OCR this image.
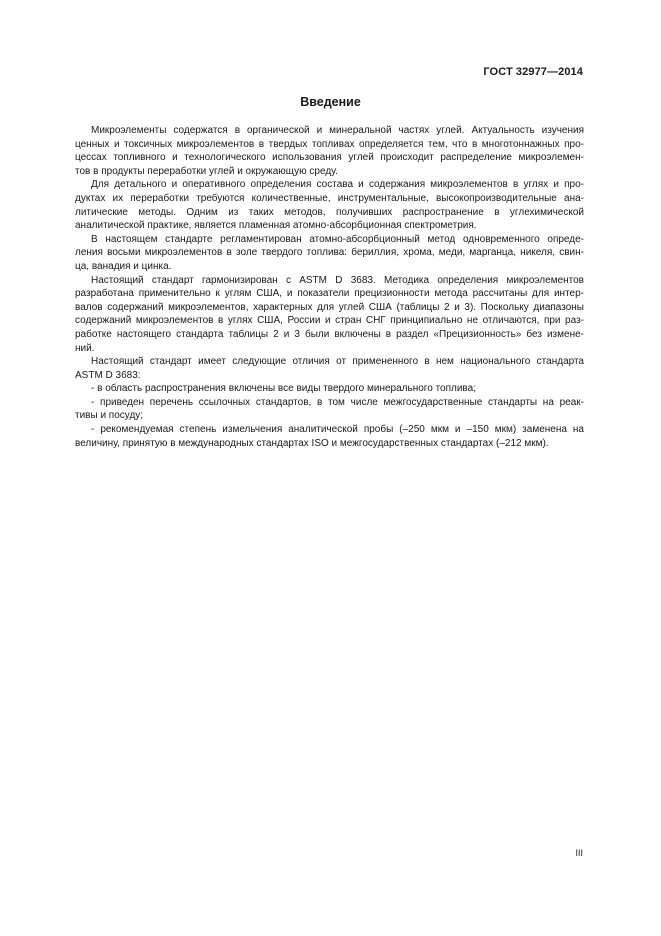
ГОСТ 32977—2014
Введение
Микроэлементы содержатся в органической и минеральной частях углей. Актуальность изучения
ценных и токсичных микроэлементов в твердых топливах определяется тем, что в многотоннажных про-
цессах топливного и технологического использования углей происходит распределение микроэлемен-
тов в продукты переработки углей и окружающую среду.
Для детального и оперативного определения состава и содержания микроэлементов в углях и про-
дуктах их переработки требуются количественные, инструментальные, высокопроизводительные ана-
литические методы. Одним из таких методов, получивших распространение в углехимической
аналитической практике, является пламенная атомно-абсорбционная спектрометрия.
В настоящем стандарте регламентирован атомно-абсорбционный метод одновременного опреде-
ления восьми микроэлементов в золе твердого топлива: бериллия, хрома, меди, марганца, никеля, свин-
ца, ванадия и цинка.
Настоящий стандарт гармонизирован с ASTM D 3683. Методика определения микроэлементов
разработана применительно к углям США, и показатели прецизионности метода рассчитаны для интер-
валов содержаний микроэлементов, характерных для углей США (таблицы 2 и 3). Поскольку диапазоны
содержаний микроэлементов в углях США, России и стран СНГ принципиально не отличаются, при раз-
работке настоящего стандарта таблицы 2 и 3 были включены в раздел «Прецизионность» без измене-
ний.
Настоящий стандарт имеет следующие отличия от примененного в нем национального стандарта
ASTM D 3683:
- в область распространения включены все виды твердого минерального топлива;
- приведен перечень ссылочных стандартов, в том числе межгосударственные стандарты на реак-
тивы и посуду;
- рекомендуемая степень измельчения аналитической пробы (–250 мкм и –150 мкм) заменена на
величину, принятую в международных стандартах ISO и межгосударственных стандартах (–212 мкм).
III
